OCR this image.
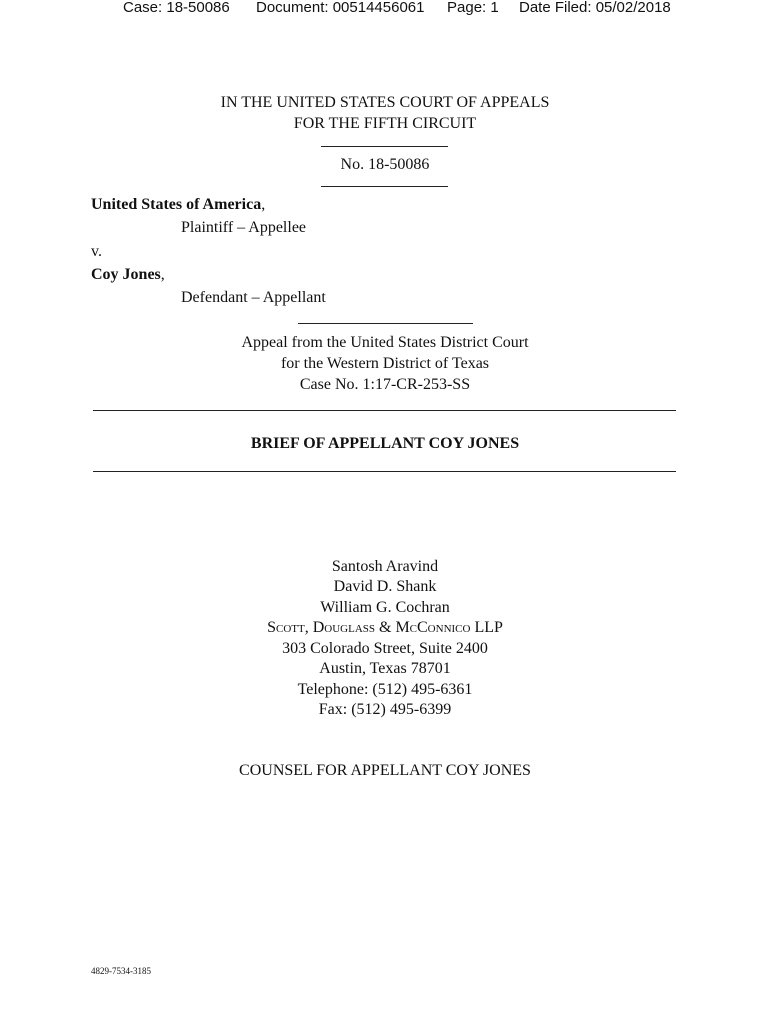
Case: 18-50086 Document: 00514456061 Page: 1 Date Filed: 05/02/2018
IN THE UNITED STATES COURT OF APPEALS
FOR THE FIFTH CIRCUIT
No. 18-50086
United States of America,
Plaintiff – Appellee
v.
Coy Jones,
Defendant – Appellant
Appeal from the United States District Court
for the Western District of Texas
Case No. 1:17-CR-253-SS
BRIEF OF APPELLANT COY JONES
Santosh Aravind
David D. Shank
William G. Cochran
Scott, Douglass & McConnico LLP
303 Colorado Street, Suite 2400
Austin, Texas 78701
Telephone: (512) 495-6361
Fax: (512) 495-6399
COUNSEL FOR APPELLANT COY JONES
4829-7534-3185
